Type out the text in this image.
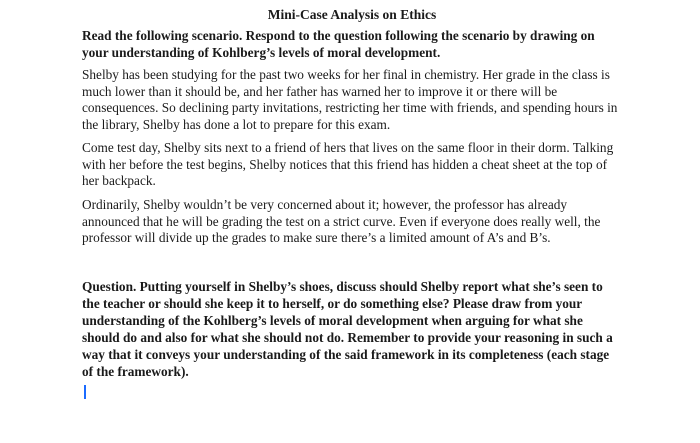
Mini-Case Analysis on Ethics
Read the following scenario. Respond to the question following the scenario by drawing on your understanding of Kohlberg’s levels of moral development.
Shelby has been studying for the past two weeks for her final in chemistry. Her grade in the class is much lower than it should be, and her father has warned her to improve it or there will be consequences. So declining party invitations, restricting her time with friends, and spending hours in the library, Shelby has done a lot to prepare for this exam.
Come test day, Shelby sits next to a friend of hers that lives on the same floor in their dorm. Talking with her before the test begins, Shelby notices that this friend has hidden a cheat sheet at the top of her backpack.
Ordinarily, Shelby wouldn’t be very concerned about it; however, the professor has already announced that he will be grading the test on a strict curve. Even if everyone does really well, the professor will divide up the grades to make sure there’s a limited amount of A’s and B’s.
Question. Putting yourself in Shelby’s shoes, discuss should Shelby report what she’s seen to the teacher or should she keep it to herself, or do something else? Please draw from your understanding of the Kohlberg’s levels of moral development when arguing for what she should do and also for what she should not do. Remember to provide your reasoning in such a way that it conveys your understanding of the said framework in its completeness (each stage of the framework).
